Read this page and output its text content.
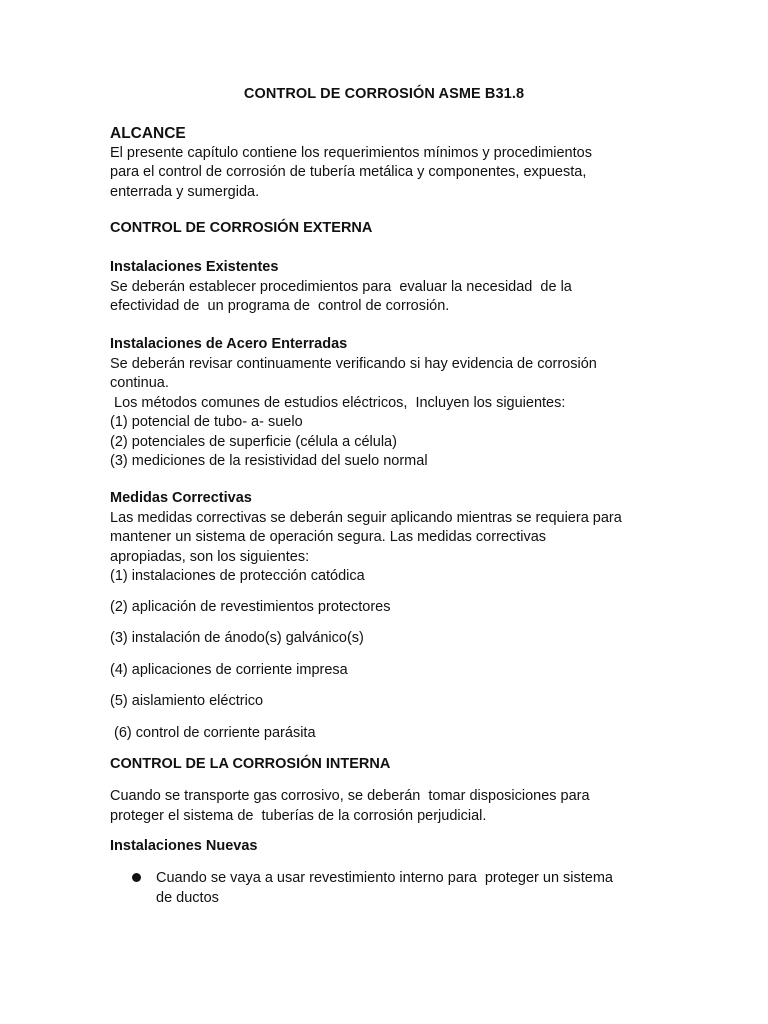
CONTROL DE CORROSIÓN ASME B31.8
ALCANCE
El presente capítulo contiene los requerimientos mínimos y procedimientos
para el control de corrosión de tubería metálica y componentes, expuesta,
enterrada y sumergida.
CONTROL DE CORROSIÓN EXTERNA
Instalaciones Existentes
Se deberán establecer procedimientos para  evaluar la necesidad  de la
efectividad de  un programa de  control de corrosión.
Instalaciones de Acero Enterradas
Se deberán revisar continuamente verificando si hay evidencia de corrosión
continua.
Los métodos comunes de estudios eléctricos,  Incluyen los siguientes:
(1) potencial de tubo- a- suelo
(2) potenciales de superficie (célula a célula)
(3) mediciones de la resistividad del suelo normal
Medidas Correctivas
Las medidas correctivas se deberán seguir aplicando mientras se requiera para
mantener un sistema de operación segura. Las medidas correctivas
apropiadas, son los siguientes:
(1) instalaciones de protección catódica
(2) aplicación de revestimientos protectores
(3) instalación de ánodo(s) galvánico(s)
(4) aplicaciones de corriente impresa
(5) aislamiento eléctrico
(6) control de corriente parásita
CONTROL DE LA CORROSIÓN INTERNA
Cuando se transporte gas corrosivo, se deberán  tomar disposiciones para
proteger el sistema de  tuberías de la corrosión perjudicial.
Instalaciones Nuevas
Cuando se vaya a usar revestimiento interno para  proteger un sistema
de ductos
